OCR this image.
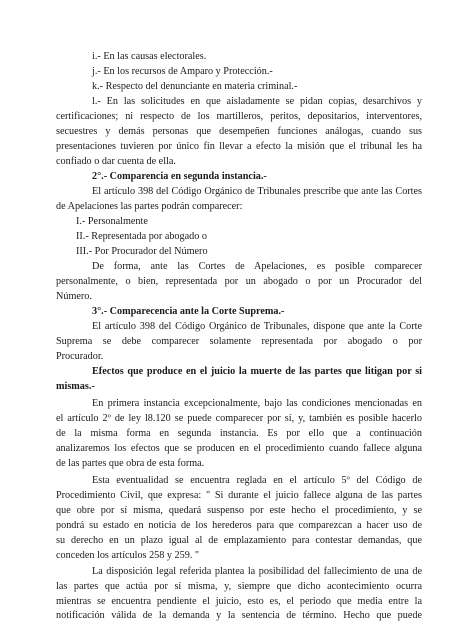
i.- En las causas electorales.
j.- En los recursos de Amparo y Protección.-
k.- Respecto del denunciante en materia criminal.-
l.- En las solicitudes en que aisladamente se pidan copias, desarchivos y
certificaciones; ni respecto de los martilleros, peritos, depositarios, interventores,
secuestres y demás personas que desempeñen funciones análogas, cuando sus
presentaciones tuvieren por único fin llevar a efecto la misión que el tribunal les ha
confiado o dar cuenta de ella.
2°.- Comparencia en segunda instancia.-
El artículo 398 del Código Orgánico de Tribunales prescribe que ante las Cortes
de Apelaciones las partes podrán comparecer:
I.- Personalmente
II.- Representada por abogado o
III.- Por Procurador del Número
De forma, ante las Cortes de Apelaciones, es posible comparecer
personalmente, o bien, representada por un abogado o por un Procurador del
Número.
3°.- Comparecencia ante la Corte Suprema.-
El artículo 398 del Código Orgánico de Tribunales, dispone que ante la Corte
Suprema se debe comparecer solamente representada por abogado o por
Procurador.
Efectos que produce en el juicio la muerte de las partes que litigan por si
mismas.-
En primera instancia excepcionalmente, bajo las condiciones mencionadas en
el artículo 2º de ley l8.120 se puede comparecer por sí, y, también es posible hacerlo
de la misma forma en segunda instancia. Es por ello que a continuación
analizaremos los efectos que se producen en el procedimiento cuando fallece alguna
de las partes que obra de esta forma.
Esta eventualidad se encuentra reglada en el artículo 5º del Código de
Procedimiento Civil, que expresa: " Si durante el juicio fallece alguna de las partes
que obre por sí misma, quedará suspenso por este hecho el procedimiento, y se
pondrá su estado en noticia de los herederos para que comparezcan a hacer uso de
su derecho en un plazo igual al de emplazamiento para contestar demandas, que
conceden los artículos 258 y 259. "
La disposición legal referida plantea la posibilidad del fallecimiento de una de
las partes que actúa por sí misma, y, siempre que dicho acontecimiento ocurra
mientras se encuentra pendiente el juicio, esto es, el periodo que media entre la
notificación válida de la demanda y la sentencia de término. Hecho que puede
